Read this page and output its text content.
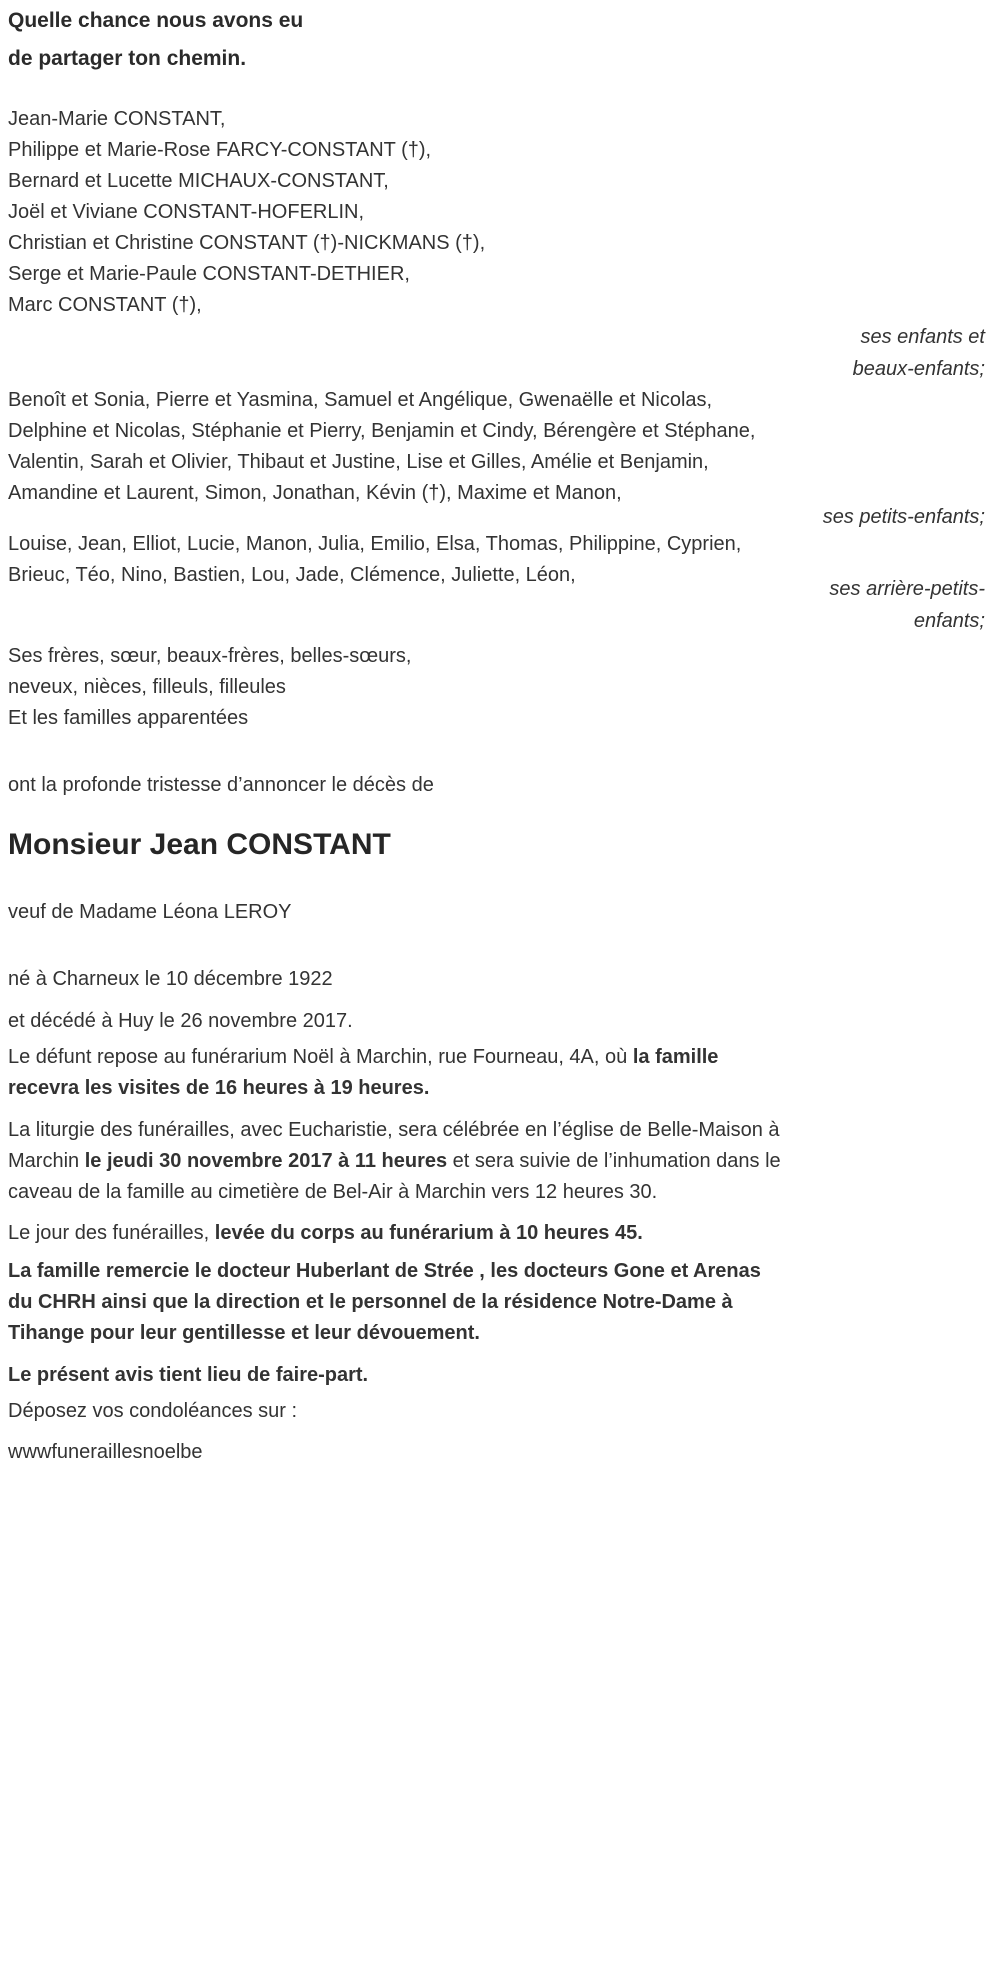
Quelle chance nous avons eu

de partager ton chemin.

Jean-Marie CONSTANT,

Philippe et Marie-Rose FARCY-CONSTANT (†),

Bernard et Lucette MICHAUX-CONSTANT,

Joël et Viviane CONSTANT-HOFERLIN,

Christian et Christine CONSTANT (†)-NICKMANS (†),

Serge et Marie-Paule CONSTANT-DETHIER,

Marc CONSTANT (†),

ses enfants et beaux-enfants;

Benoît et Sonia, Pierre et Yasmina, Samuel et Angélique, Gwenaëlle et Nicolas, Delphine et Nicolas, Stéphanie et Pierry, Benjamin et Cindy, Bérengère et Stéphane, Valentin, Sarah et Olivier, Thibaut et Justine, Lise et Gilles, Amélie et Benjamin, Amandine et Laurent, Simon, Jonathan, Kévin (†), Maxime et Manon,

ses petits-enfants;

Louise, Jean, Elliot, Lucie, Manon, Julia, Emilio, Elsa, Thomas, Philippine, Cyprien, Brieuc, Téo, Nino, Bastien, Lou, Jade, Clémence, Juliette, Léon,

ses arrière-petits-enfants;

Ses frères, sœur, beaux-frères, belles-sœurs,

neveux, nièces, filleuls, filleules

Et les familles apparentées

ont la profonde tristesse d’annoncer le décès de

Monsieur Jean CONSTANT

veuf de Madame Léona LEROY

né à Charneux le 10 décembre 1922

et décédé à Huy le 26 novembre 2017.

Le défunt repose au funérarium Noël à Marchin, rue Fourneau, 4A, où la famille recevra les visites de 16 heures à 19 heures.

La liturgie des funérailles, avec Eucharistie, sera célébrée en l’église de Belle-Maison à Marchin le jeudi 30 novembre 2017 à 11 heures et sera suivie de l’inhumation dans le caveau de la famille au cimetière de Bel-Air à Marchin vers 12 heures 30.

Le jour des funérailles, levée du corps au funérarium à 10 heures 45.

La famille remercie le docteur Huberlant de Strée , les docteurs Gone et Arenas du CHRH ainsi que la direction et le personnel de la résidence Notre-Dame à Tihange pour leur gentillesse et leur dévouement.

Le présent avis tient lieu de faire-part.

Déposez vos condoléances sur :

wwwfuneraillesnoelbe
